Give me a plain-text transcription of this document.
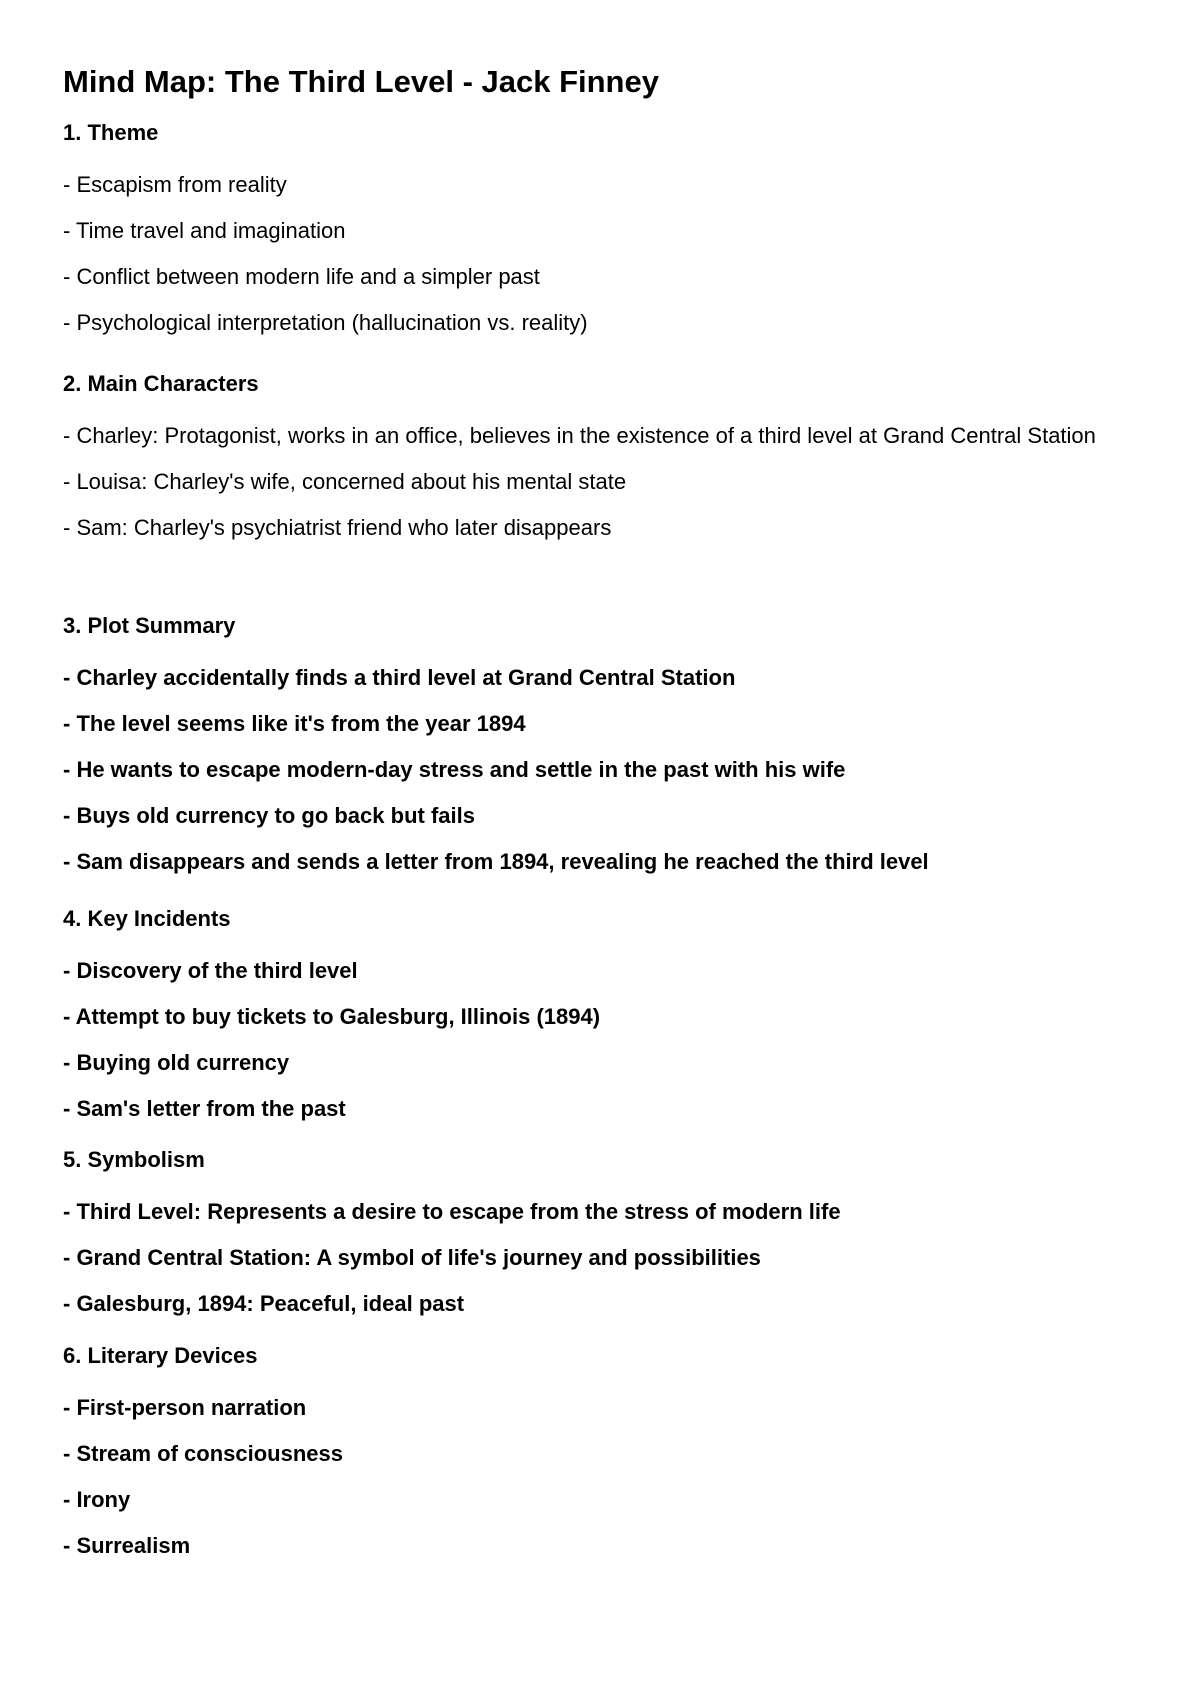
Mind Map: The Third Level - Jack Finney
1. Theme
- Escapism from reality
- Time travel and imagination
- Conflict between modern life and a simpler past
- Psychological interpretation (hallucination vs. reality)
2. Main Characters
- Charley: Protagonist, works in an office, believes in the existence of a third level at Grand Central Station
- Louisa: Charley's wife, concerned about his mental state
- Sam: Charley's psychiatrist friend who later disappears
3. Plot Summary
- Charley accidentally finds a third level at Grand Central Station
- The level seems like it's from the year 1894
- He wants to escape modern-day stress and settle in the past with his wife
- Buys old currency to go back but fails
- Sam disappears and sends a letter from 1894, revealing he reached the third level
4. Key Incidents
- Discovery of the third level
- Attempt to buy tickets to Galesburg, Illinois (1894)
- Buying old currency
- Sam's letter from the past
5. Symbolism
- Third Level: Represents a desire to escape from the stress of modern life
- Grand Central Station: A symbol of life's journey and possibilities
- Galesburg, 1894: Peaceful, ideal past
6. Literary Devices
- First-person narration
- Stream of consciousness
- Irony
- Surrealism
